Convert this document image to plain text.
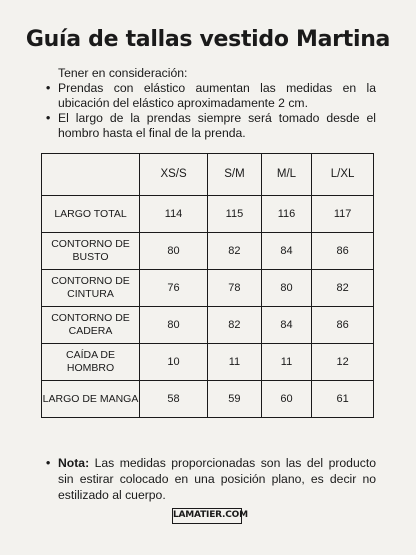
Guía de tallas vestido Martina
Tener en consideración:
• Prendas con elástico aumentan las medidas en la ubicación del elástico aproximadamente 2 cm.
• El largo de la prendas siempre será tomado desde el hombro hasta el final de la prenda.
	XS/S	S/M	M/L	L/XL
LARGO TOTAL	114	115	116	117
CONTORNO DE BUSTO	80	82	84	86
CONTORNO DE CINTURA	76	78	80	82
CONTORNO DE CADERA	80	82	84	86
CAÍDA DE HOMBRO	10	11	11	12
LARGO DE MANGA	58	59	60	61
• Nota: Las medidas proporcionadas son las del producto sin estirar colocado en una posición plano, es decir no estilizado al cuerpo.
LAMATIER.COM
